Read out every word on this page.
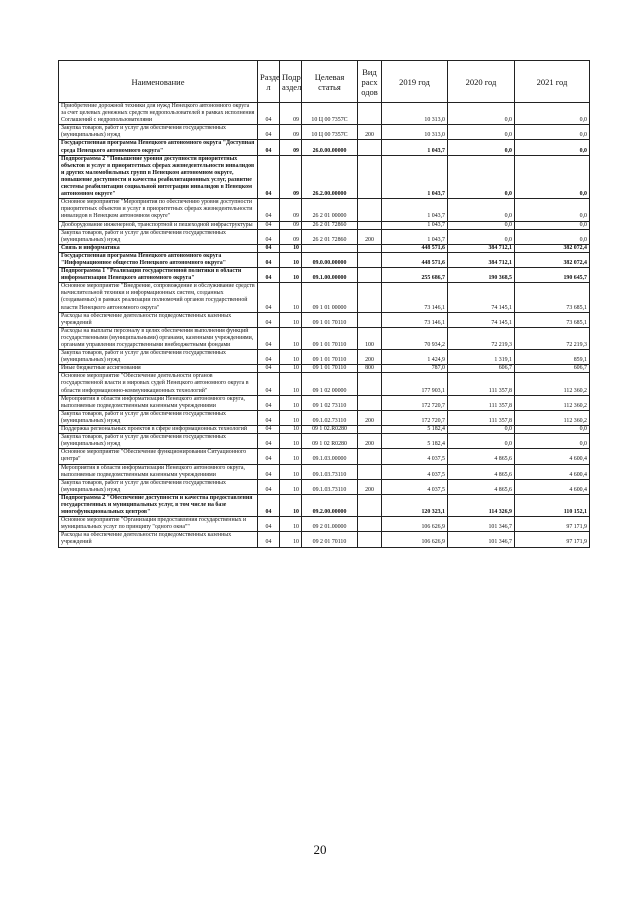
Наименование	Разде л	Подр аздел	Целевая статья	Вид расх одов	2019 год	2020 год	2021 год
Приобретение дорожной техники для нужд Ненецкого автономного округа за счет целевых денежных средств недропользователей в рамках исполнения Соглашений с недропользователями	04	09	10 Ц 00 7357С		10 313,0	0,0	0,0
Закупка товаров, работ и услуг для обеспечения государственных (муниципальных) нужд	04	09	10 Ц 00 7357С	200	10 313,0	0,0	0,0
Государственная программа Ненецкого автономного округа "Доступная среда Ненецкого автономного округа"	04	09	26.0.00.00000		1 043,7	0,0	0,0
Подпрограмма 2 "Повышение уровня доступности приоритетных объектов и услуг в приоритетных сферах жизнедеятельности инвалидов и других маломобильных групп в Ненецком автономном округе, повышение доступности и качества реабилитационных услуг, развитие системы реабилитации социальной интеграции инвалидов в Ненецком автономном округе"	04	09	26.2.00.00000		1 043,7	0,0	0,0
Основное мероприятие "Мероприятия по обеспечению уровня доступности приоритетных объектов и услуг в приоритетных сферах жизнедеятельности инвалидов в Ненецком автономном округе"	04	09	26 2 01 00000		1 043,7	0,0	0,0
Дооборудование инженерной, транспортной и пешеходной инфраструктуры	04	09	26 2 01 72860		1 043,7	0,0	0,0
Закупка товаров, работ и услуг для обеспечения государственных (муниципальных) нужд	04	09	26 2 01 72860	200	1 043,7	0,0	0,0
Связь и информатика	04	10			448 571,6	384 712,1	382 072,4
Государственная программа Ненецкого автономного округа "Информационное общество Ненецкого автономного округа"	04	10	09.0.00.00000		448 571,6	384 712,1	382 072,4
Подпрограмма 1 "Реализация государственной политики в области информатизации Ненецкого автономного округа"	04	10	09.1.00.00000		255 686,7	190 368,5	190 645,7
Основное мероприятие "Внедрение, сопровождение и обслуживание средств вычислительной техники и информационных систем, созданных (создаваемых) в рамках реализации полномочий органов государственной власти Ненецкого автономного округа"	04	10	09 1 01 00000		73 146,1	74 145,1	73 685,1
Расходы на обеспечение деятельности подведомственных казенных учреждений	04	10	09 1 01 70110		73 146,1	74 145,1	73 685,1
Расходы на выплаты персоналу в целях обеспечения выполнения функций государственными (муниципальными) органами, казенными учреждениями, органами управления государственными внебюджетными фондами	04	10	09 1 01 70110	100	70 934,2	72 219,3	72 219,3
Закупка товаров, работ и услуг для обеспечения государственных (муниципальных) нужд	04	10	09 1 01 70110	200	1 424,9	1 319,1	859,1
Иные бюджетные ассигнования	04	10	09 1 01 70110	800	787,0	606,7	606,7
Основное мероприятие "Обеспечение деятельности органов государственной власти и мировых судей Ненецкого автономного округа в области информационно-коммуникационных технологий"	04	10	09 1 02 00000		177 903,1	111 357,8	112 360,2
Мероприятия в области информатизации Ненецкого автономного округа, выполняемые подведомственными казенными учреждениями	04	10	09 1 02 73110		172 720,7	111 357,8	112 360,2
Закупка товаров, работ и услуг для обеспечения государственных (муниципальных) нужд	04	10	09.1.02.73110	200	172 720,7	111 357,8	112 360,2
Поддержка региональных проектов в сфере информационных технологий	04	10	09 1 02.R0280		5 182,4	0,0	0,0
Закупка товаров, работ и услуг для обеспечения государственных (муниципальных) нужд	04	10	09 1 02 R0280	200	5 182,4	0,0	0,0
Основное мероприятие "Обеспечение функционирования Ситуационного центра"	04	10	09.1.03.00000		4 037,5	4 865,6	4 600,4
Мероприятия в области информатизации Ненецкого автономного округа, выполняемые подведомственными казенными учреждениями	04	10	09.1.03.73110		4 037,5	4 865,6	4 600,4
Закупка товаров, работ и услуг для обеспечения государственных (муниципальных) нужд	04	10	09.1.03.73110	200	4 037,5	4 865,6	4 600,4
Подпрограмма 2 "Обеспечение доступности и качества предоставления государственных и муниципальных услуг, в том числе на базе многофункциональных центров"	04	10	09.2.00.00000		120 323,1	114 326,9	110 152,1
Основное мероприятие "Организация предоставления государственных и муниципальных услуг по принципу "одного окна""	04	10	09 2 01.00000		106 626,9	101 346,7	97 171,9
Расходы на обеспечение деятельности подведомственных казенных учреждений	04	10	09 2 01 70110		106 626,9	101 346,7	97 171,9
20
